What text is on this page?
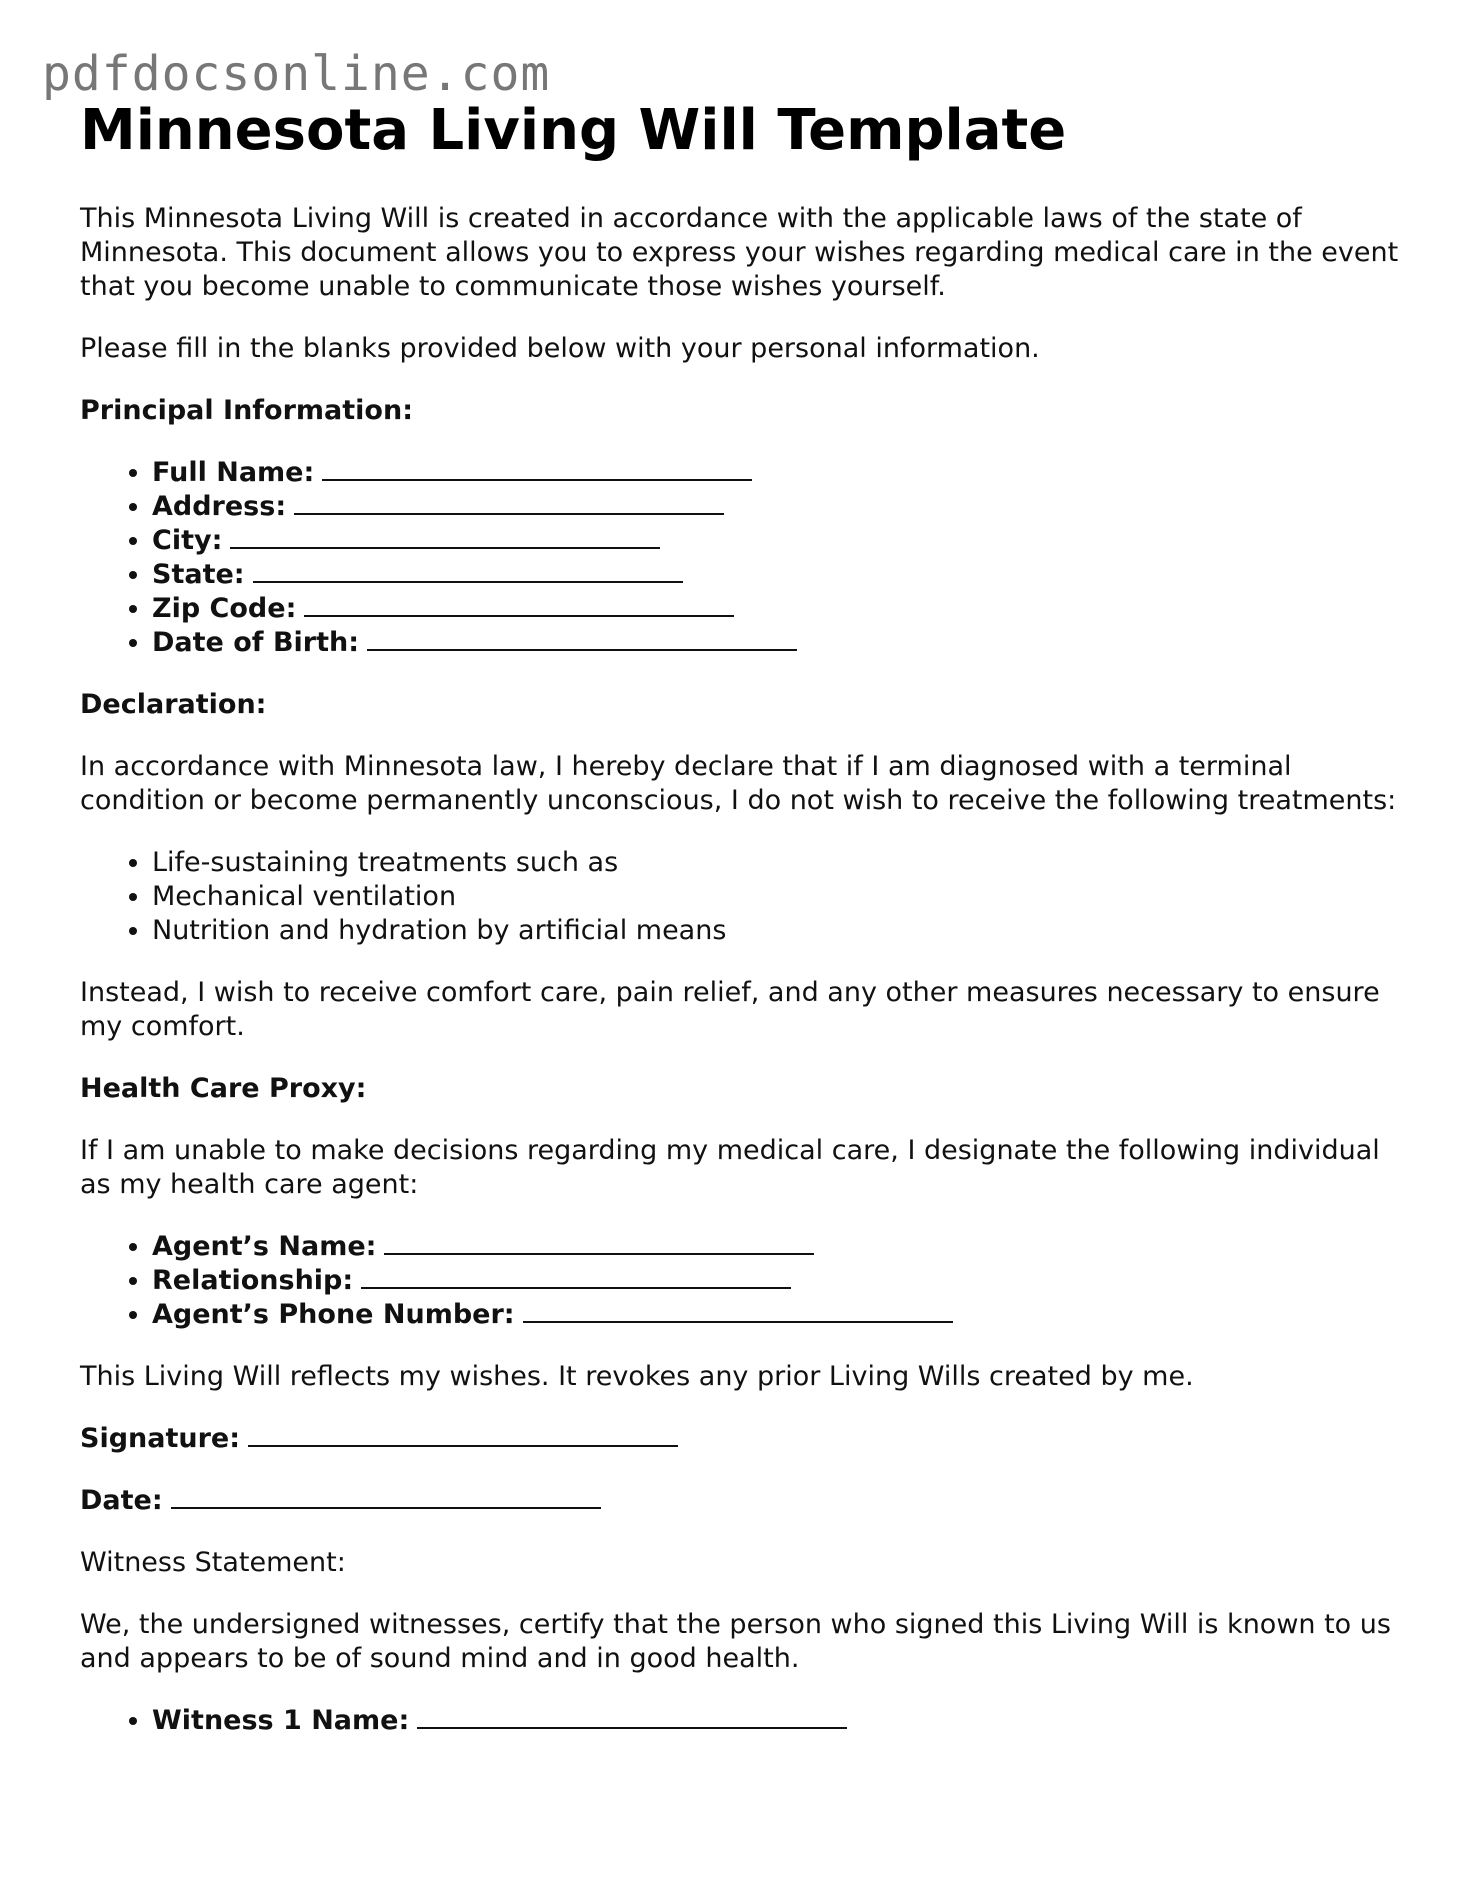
pdfdocsonline.com
Minnesota Living Will Template

This Minnesota Living Will is created in accordance with the applicable laws of the state of Minnesota. This document allows you to express your wishes regarding medical care in the event that you become unable to communicate those wishes yourself.

Please fill in the blanks provided below with your personal information.

Principal Information:

• Full Name:
• Address:
• City:
• State:
• Zip Code:
• Date of Birth:

Declaration:

In accordance with Minnesota law, I hereby declare that if I am diagnosed with a terminal condition or become permanently unconscious, I do not wish to receive the following treatments:

• Life-sustaining treatments such as
• Mechanical ventilation
• Nutrition and hydration by artificial means

Instead, I wish to receive comfort care, pain relief, and any other measures necessary to ensure my comfort.

Health Care Proxy:

If I am unable to make decisions regarding my medical care, I designate the following individual as my health care agent:

• Agent’s Name:
• Relationship:
• Agent’s Phone Number:

This Living Will reflects my wishes. It revokes any prior Living Wills created by me.

Signature:

Date:

Witness Statement:

We, the undersigned witnesses, certify that the person who signed this Living Will is known to us and appears to be of sound mind and in good health.

• Witness 1 Name:
